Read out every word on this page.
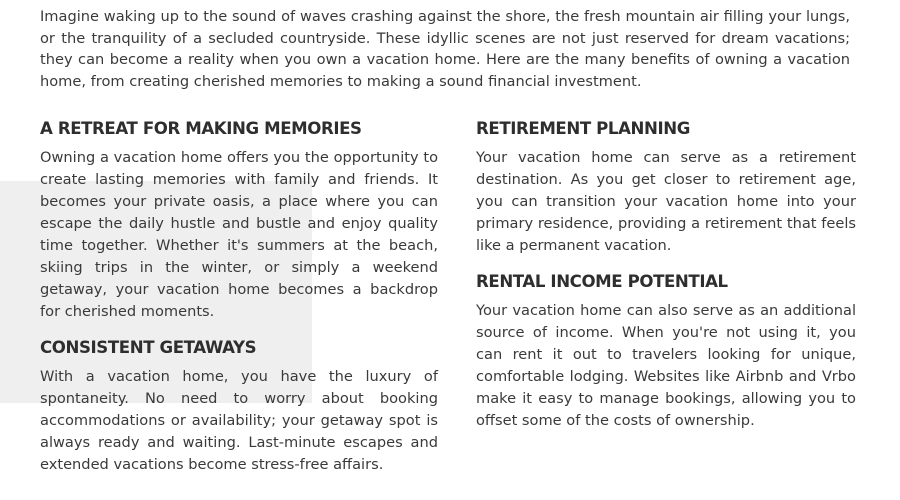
Imagine waking up to the sound of waves crashing against the shore, the fresh mountain air filling your lungs, or the tranquility of a secluded countryside. These idyllic scenes are not just reserved for dream vacations; they can become a reality when you own a vacation home. Here are the many benefits of owning a vacation home, from creating cherished memories to making a sound financial investment.

A RETREAT FOR MAKING MEMORIES

Owning a vacation home offers you the opportunity to create lasting memories with family and friends. It becomes your private oasis, a place where you can escape the daily hustle and bustle and enjoy quality time together. Whether it's summers at the beach, skiing trips in the winter, or simply a weekend getaway, your vacation home becomes a backdrop for cherished moments.

CONSISTENT GETAWAYS

With a vacation home, you have the luxury of spontaneity. No need to worry about booking accommodations or availability; your getaway spot is always ready and waiting. Last-minute escapes and extended vacations become stress-free affairs.

RETIREMENT PLANNING

Your vacation home can serve as a retirement destination. As you get closer to retirement age, you can transition your vacation home into your primary residence, providing a retirement that feels like a permanent vacation.

RENTAL INCOME POTENTIAL

Your vacation home can also serve as an additional source of income. When you're not using it, you can rent it out to travelers looking for unique, comfortable lodging. Websites like Airbnb and Vrbo make it easy to manage bookings, allowing you to offset some of the costs of ownership.
